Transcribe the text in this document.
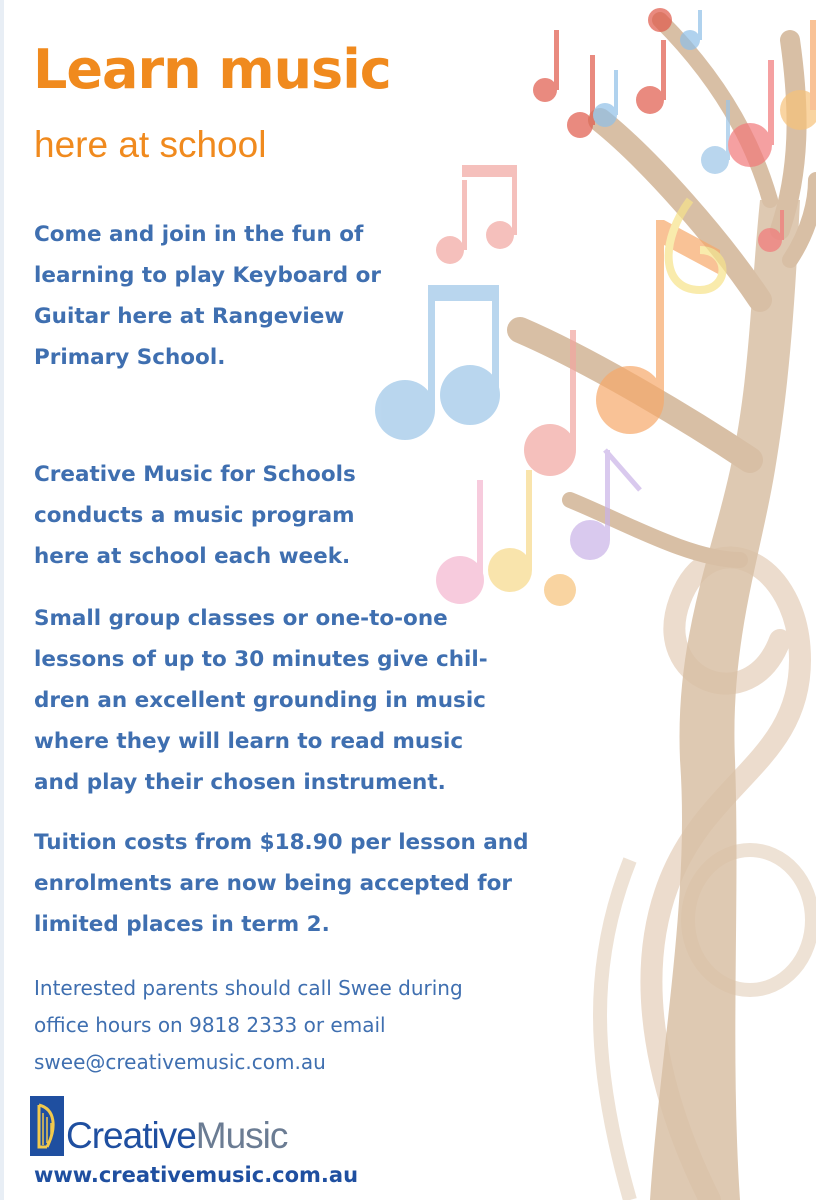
Learn music
here at school

Come and join in the fun of
learning to play Keyboard or
Guitar here at Rangeview
Primary School.

Creative Music for Schools
conducts a music program
here at school each week.

Small group classes or one-to-one
lessons of up to 30 minutes give chil-
dren an excellent grounding in music
where they will learn to read music
and play their chosen instrument.

Tuition costs from $18.90 per lesson and
enrolments are now being accepted for
limited places in term 2.

Interested parents should call Swee during
office hours on 9818 2333 or email
swee@creativemusic.com.au
CreativeMusic
www.creativemusic.com.au
